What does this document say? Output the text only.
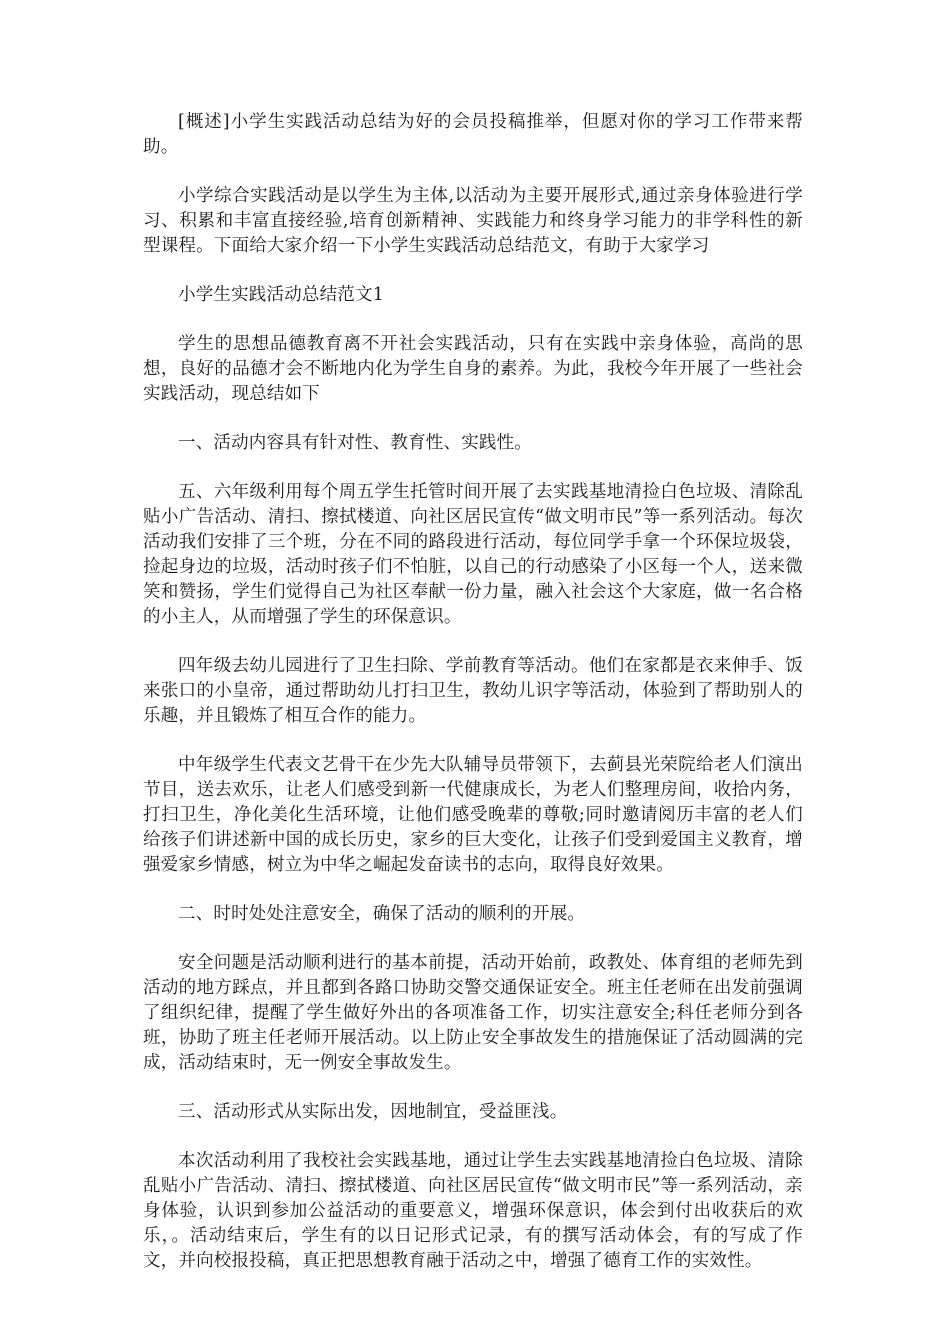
[概述]小学生实践活动总结为好的会员投稿推举，但愿对你的学习工作带来帮助。

小学综合实践活动是以学生为主体,以活动为主要开展形式,通过亲身体验进行学习、积累和丰富直接经验,培育创新精神、实践能力和终身学习能力的非学科性的新型课程。下面给大家介绍一下小学生实践活动总结范文，有助于大家学习

小学生实践活动总结范文1

学生的思想品德教育离不开社会实践活动，只有在实践中亲身体验，高尚的思想，良好的品德才会不断地内化为学生自身的素养。为此，我校今年开展了一些社会实践活动，现总结如下

一、活动内容具有针对性、教育性、实践性。

五、六年级利用每个周五学生托管时间开展了去实践基地清捡白色垃圾、清除乱贴小广告活动、清扫、擦拭楼道、向社区居民宣传“做文明市民”等一系列活动。每次活动我们安排了三个班，分在不同的路段进行活动，每位同学手拿一个环保垃圾袋，捡起身边的垃圾，活动时孩子们不怕脏，以自己的行动感染了小区每一个人，送来微笑和赞扬，学生们觉得自己为社区奉献一份力量，融入社会这个大家庭，做一名合格的小主人，从而增强了学生的环保意识。

四年级去幼儿园进行了卫生扫除、学前教育等活动。他们在家都是衣来伸手、饭来张口的小皇帝，通过帮助幼儿打扫卫生，教幼儿识字等活动，体验到了帮助别人的乐趣，并且锻炼了相互合作的能力。

中年级学生代表文艺骨干在少先大队辅导员带领下，去蓟县光荣院给老人们演出节目，送去欢乐，让老人们感受到新一代健康成长，为老人们整理房间，收拾内务，打扫卫生，净化美化生活环境，让他们感受晚辈的尊敬;同时邀请阅历丰富的老人们给孩子们讲述新中国的成长历史，家乡的巨大变化，让孩子们受到爱国主义教育，增强爱家乡情感，树立为中华之崛起发奋读书的志向，取得良好效果。

二、时时处处注意安全，确保了活动的顺利的开展。

安全问题是活动顺利进行的基本前提，活动开始前，政教处、体育组的老师先到活动的地方踩点，并且都到各路口协助交警交通保证安全。班主任老师在出发前强调了组织纪律，提醒了学生做好外出的各项准备工作，切实注意安全;科任老师分到各班，协助了班主任老师开展活动。以上防止安全事故发生的措施保证了活动圆满的完成，活动结束时，无一例安全事故发生。

三、活动形式从实际出发，因地制宜，受益匪浅。

本次活动利用了我校社会实践基地，通过让学生去实践基地清捡白色垃圾、清除乱贴小广告活动、清扫、擦拭楼道、向社区居民宣传“做文明市民”等一系列活动，亲身体验，认识到参加公益活动的重要意义，增强环保意识，体会到付出收获后的欢乐，。活动结束后，学生有的以日记形式记录，有的撰写活动体会，有的写成了作文，并向校报投稿，真正把思想教育融于活动之中，增强了德育工作的实效性。
